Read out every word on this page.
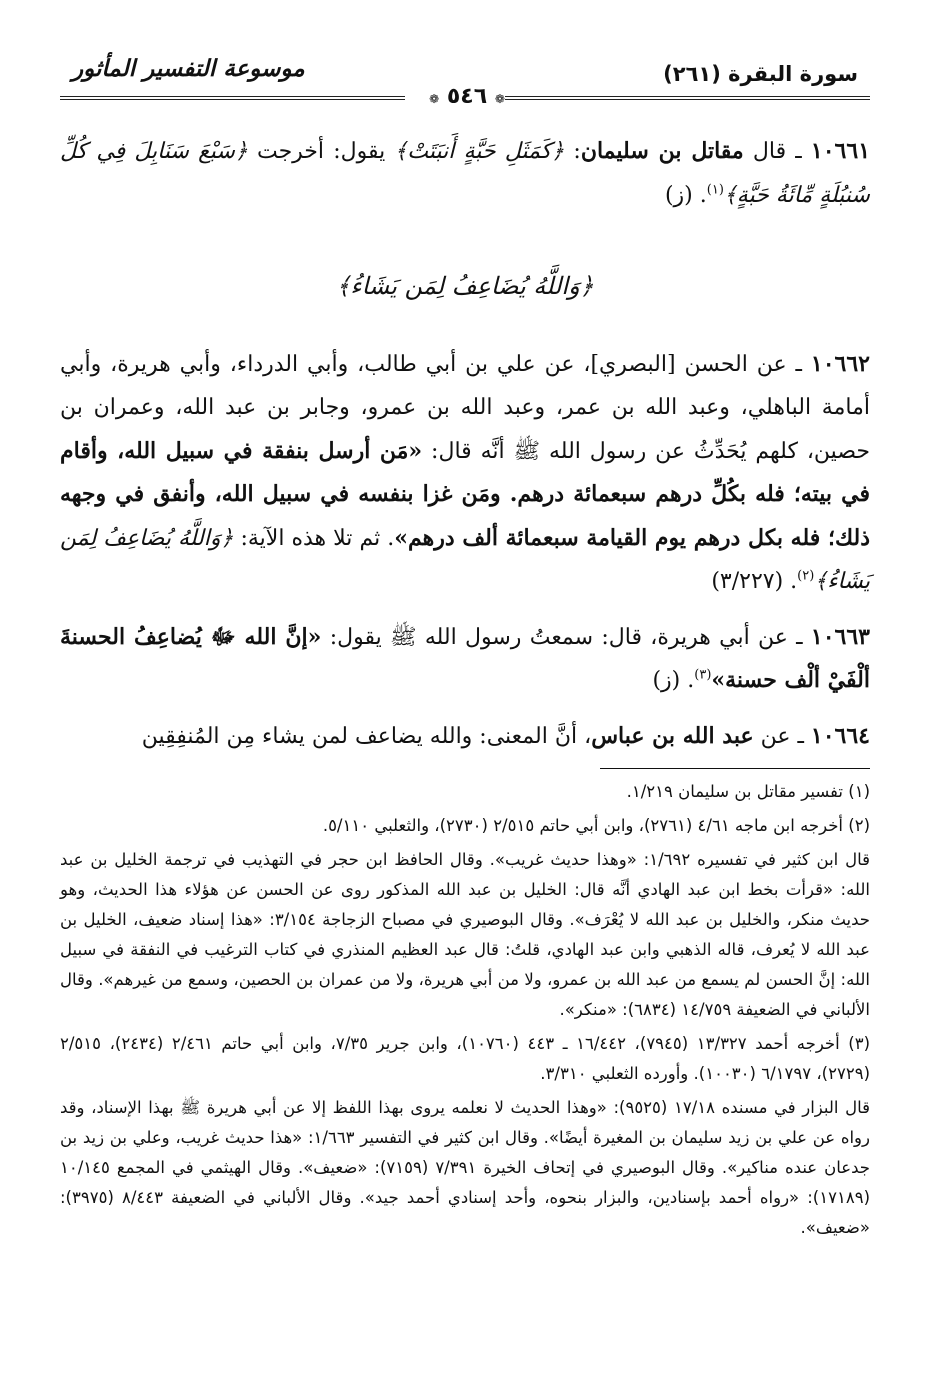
سورة البقرة (٢٦١)
موسوعة التفسير المأثور
❁ ٥٤٦ ❁

١٠٦٦١ ـ قال مقاتل بن سليمان: ﴿كَمَثَلِ حَبَّةٍ أَنبَتَتْ﴾ يقول: أخرجت ﴿سَبْعَ سَنَابِلَ فِي كُلِّ سُنبُلَةٍ مِّائَةُ حَبَّةٍ﴾$^{(١)}$. (ز)

﴿وَاللَّهُ يُضَاعِفُ لِمَن يَشَاءُ﴾

١٠٦٦٢ ـ عن الحسن [البصري]، عن علي بن أبي طالب، وأبي الدرداء، وأبي هريرة، وأبي أمامة الباهلي، وعبد الله بن عمر، وعبد الله بن عمرو، وجابر بن عبد الله، وعمران بن حصين، كلهم يُحَدِّثُ عن رسول الله ﷺ أنَّه قال: «مَن أرسل بنفقة في سبيل الله، وأقام في بيته؛ فله بكُلِّ درهم سبعمائة درهم. ومَن غزا بنفسه في سبيل الله، وأنفق في وجهه ذلك؛ فله بكل درهم يوم القيامة سبعمائة ألف درهم». ثم تلا هذه الآية: ﴿وَاللَّهُ يُضَاعِفُ لِمَن يَشَاءُ﴾$^{(٢)}$. (٣/٢٢٧)

١٠٦٦٣ ـ عن أبي هريرة، قال: سمعتُ رسول الله ﷺ يقول: «إنَّ الله ﷻ يُضاعِفُ الحسنةَ ألْفَيْ ألْف حسنة»$^{(٣)}$. (ز)

١٠٦٦٤ ـ عن عبد الله بن عباس، أنَّ المعنى: والله يضاعف لمن يشاء مِن المُنفِقِين

(١) تفسير مقاتل بن سليمان ١/٢١٩.

(٢) أخرجه ابن ماجه ٤/٦١ (٢٧٦١)، وابن أبي حاتم ٢/٥١٥ (٢٧٣٠)، والثعلبي ٥/١١٠.

قال ابن كثير في تفسيره ١/٦٩٢: «وهذا حديث غريب». وقال الحافظ ابن حجر في التهذيب في ترجمة الخليل بن عبد الله: «قرأت بخط ابن عبد الهادي أنَّه قال: الخليل بن عبد الله المذكور روى عن الحسن عن هؤلاء هذا الحديث، وهو حديث منكر، والخليل بن عبد الله لا يُعْرَف». وقال البوصيري في مصباح الزجاجة ٣/١٥٤: «هذا إسناد ضعيف، الخليل بن عبد الله لا يُعرف، قاله الذهبي وابن عبد الهادي، قلتُ: قال عبد العظيم المنذري في كتاب الترغيب في النفقة في سبيل الله: إنَّ الحسن لم يسمع من عبد الله بن عمرو، ولا من أبي هريرة، ولا من عمران بن الحصين، وسمع من غيرهم». وقال الألباني في الضعيفة ١٤/٧٥٩ (٦٨٣٤): «منكر».

(٣) أخرجه أحمد ١٣/٣٢٧ (٧٩٤٥)، ١٦/٤٤٢ ـ ٤٤٣ (١٠٧٦٠)، وابن جرير ٧/٣٥، وابن أبي حاتم ٢/٤٦١ (٢٤٣٤)، ٢/٥١٥ (٢٧٢٩)، ٦/١٧٩٧ (١٠٠٣٠). وأورده الثعلبي ٣/٣١٠.

قال البزار في مسنده ١٧/١٨ (٩٥٢٥): «وهذا الحديث لا نعلمه يروى بهذا اللفظ إلا عن أبي هريرة ﷺ بهذا الإسناد، وقد رواه عن علي بن زيد سليمان بن المغيرة أيضًا». وقال ابن كثير في التفسير ١/٦٦٣: «هذا حديث غريب، وعلي بن زيد بن جدعان عنده مناكير». وقال البوصيري في إتحاف الخيرة ٧/٣٩١ (٧١٥٩): «ضعيف». وقال الهيثمي في المجمع ١٠/١٤٥ (١٧١٨٩): «رواه أحمد بإسنادين، والبزار بنحوه، وأحد إسنادي أحمد جيد». وقال الألباني في الضعيفة ٨/٤٤٣ (٣٩٧٥): «ضعيف».
